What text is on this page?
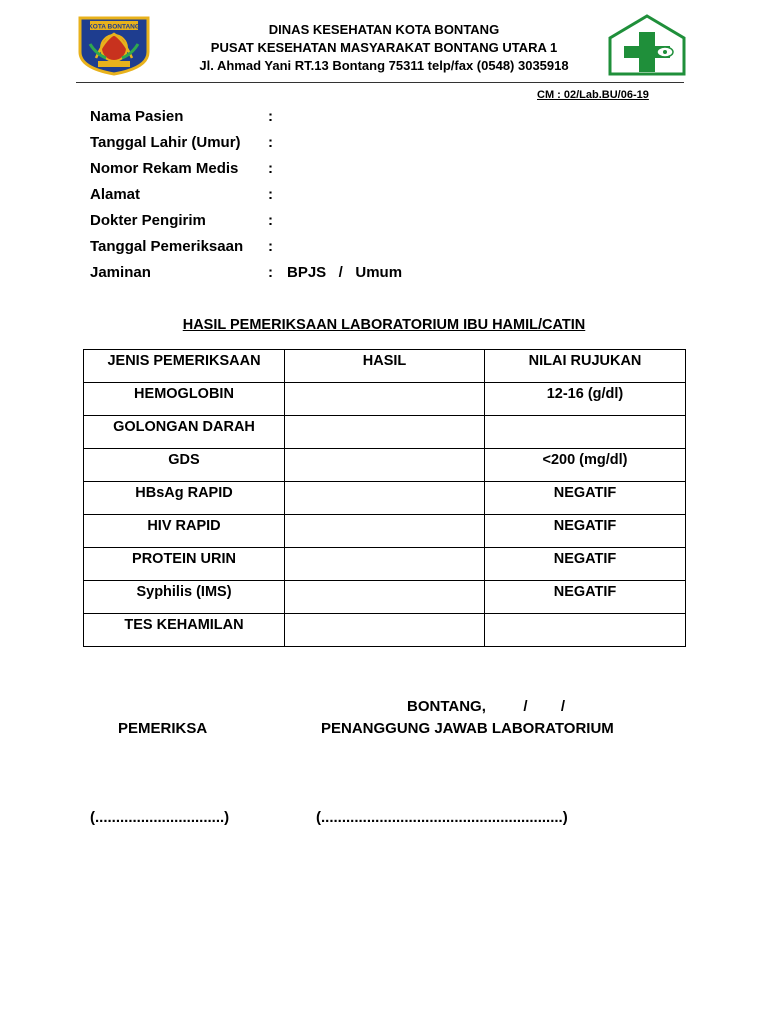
KOTA BONTANG	DINAS KESEHATAN KOTA BONTANG
PUSAT KESEHATAN MASYARAKAT BONTANG UTARA 1
Jl. Ahmad Yani RT.13 Bontang 75311 telp/fax (0548) 3035918
CM : 02/Lab.BU/06-19
Nama Pasien	:
Tanggal Lahir (Umur) :
Nomor Rekam Medis :
Alamat	:
Dokter Pengirim	:
Tanggal Pemeriksaan :
Jaminan	: BPJS   /   Umum
HASIL PEMERIKSAAN LABORATORIUM IBU HAMIL/CATIN
JENIS PEMERIKSAAN	HASIL	NILAI RUJUKAN
HEMOGLOBIN		12-16 (g/dl)
GOLONGAN DARAH		
GDS		<200 (mg/dl)
HBsAg RAPID		NEGATIF
HIV RAPID		NEGATIF
PROTEIN URIN		NEGATIF
Syphilis (IMS)		NEGATIF
TES KEHAMILAN		
BONTANG,         /        /
PEMERIKSA	PENANGGUNG JAWAB LABORATORIUM
(...............................)	(..........................................................)
